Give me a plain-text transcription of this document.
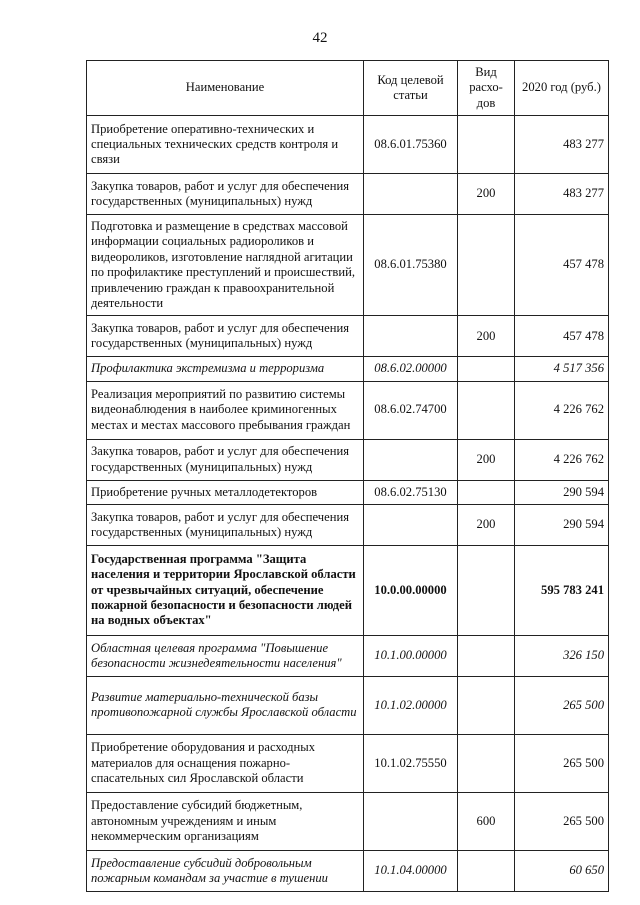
42
Наименование	Код целевой статьи	Вид расхо-дов	2020 год (руб.)
Приобретение оперативно-технических и специальных технических средств контроля и связи	08.6.01.75360		483 277
Закупка товаров, работ и услуг для обеспечения государственных (муниципальных) нужд		200	483 277
Подготовка и размещение в средствах массовой информации социальных радиороликов и видеороликов, изготовление наглядной агитации по профилактике преступлений и происшествий, привлечению граждан к правоохранительной деятельности	08.6.01.75380		457 478
Закупка товаров, работ и услуг для обеспечения государственных (муниципальных) нужд		200	457 478
Профилактика экстремизма и терроризма	08.6.02.00000		4 517 356
Реализация мероприятий по развитию системы видеонаблюдения в наиболее криминогенных местах и местах массового пребывания граждан	08.6.02.74700		4 226 762
Закупка товаров, работ и услуг для обеспечения государственных (муниципальных) нужд		200	4 226 762
Приобретение ручных металлодетекторов	08.6.02.75130		290 594
Закупка товаров, работ и услуг для обеспечения государственных (муниципальных) нужд		200	290 594
Государственная программа "Защита населения и территории Ярославской области от чрезвычайных ситуаций, обеспечение пожарной безопасности и безопасности людей на водных объектах"	10.0.00.00000		595 783 241
Областная целевая программа "Повышение безопасности жизнедеятельности населения"	10.1.00.00000		326 150
Развитие материально-технической базы противопожарной службы Ярославской области	10.1.02.00000		265 500
Приобретение оборудования и расходных материалов для оснащения пожарно-спасательных сил Ярославской области	10.1.02.75550		265 500
Предоставление субсидий бюджетным, автономным учреждениям и иным некоммерческим организациям		600	265 500
Предоставление субсидий добровольным пожарным командам за участие в тушении	10.1.04.00000		60 650
